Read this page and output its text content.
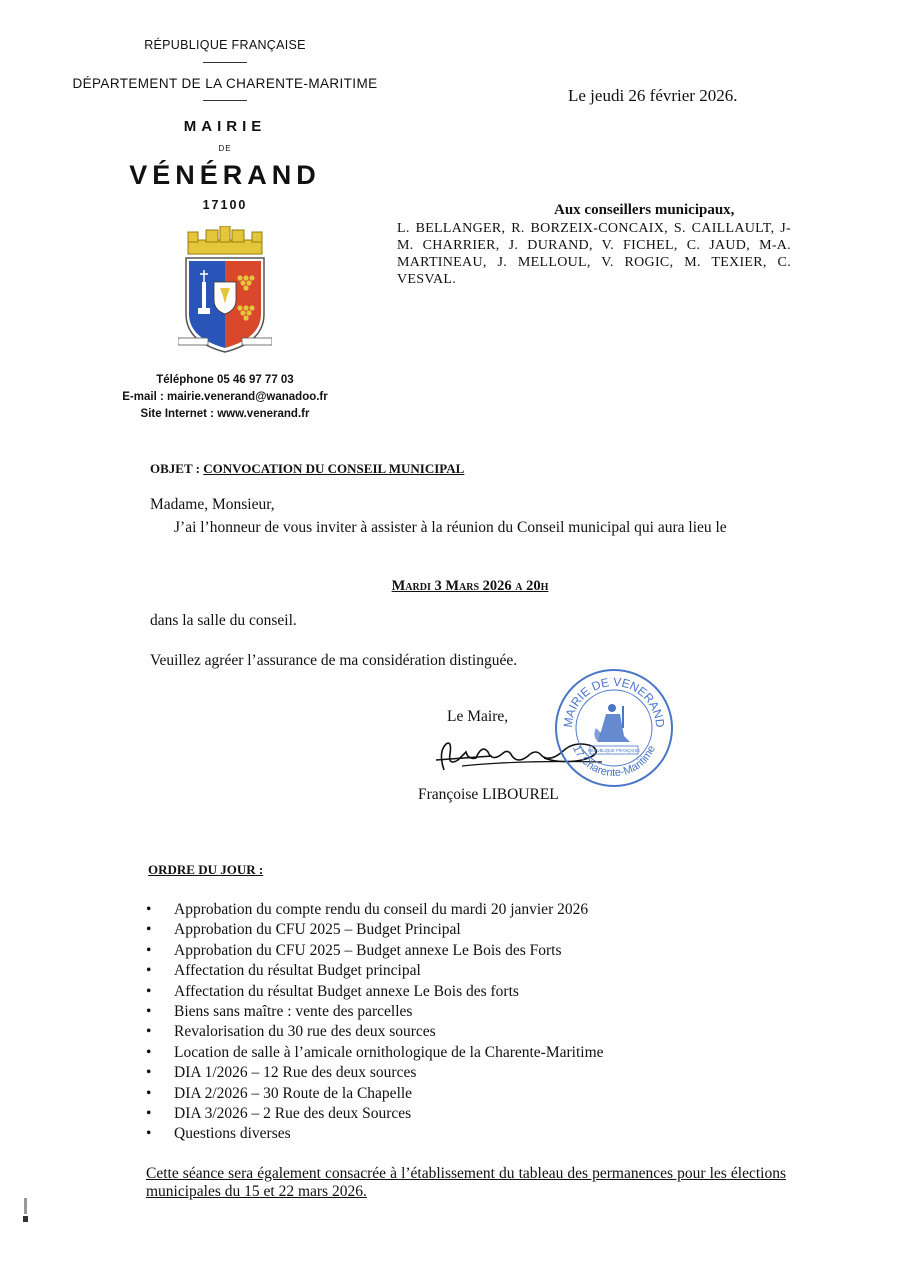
RÉPUBLIQUE FRANÇAISE
DÉPARTEMENT DE LA CHARENTE-MARITIME
MAIRIE
DE
VÉNÉRAND
17100
Téléphone 05 46 97 77 03
E-mail : mairie.venerand@wanadoo.fr
Site Internet : www.venerand.fr
Le jeudi 26 février 2026.
Aux conseillers municipaux,
L. BELLANGER, R. BORZEIX-CONCAIX, S. CAILLAULT, J-M. CHARRIER, J. DURAND, V. FICHEL, C. JAUD, M-A. MARTINEAU, J. MELLOUL, V. ROGIC, M. TEXIER, C. VESVAL.
OBJET : CONVOCATION DU CONSEIL MUNICIPAL
Madame, Monsieur,
J’ai l’honneur de vous inviter à assister à la réunion du Conseil municipal qui aura lieu le
Mardi 3 Mars 2026 a 20h
dans la salle du conseil.
Veuillez agréer l’assurance de ma considération distinguée.
Le Maire,
Françoise LIBOUREL
MAIRIE DE VENERAND
17 Charente-Maritime
RÉPUBLIQUE FRANÇAISE
ORDRE DU JOUR :
• Approbation du compte rendu du conseil du mardi 20 janvier 2026
• Approbation du CFU 2025 – Budget Principal
• Approbation du CFU 2025 – Budget annexe Le Bois des Forts
• Affectation du résultat Budget principal
• Affectation du résultat Budget annexe Le Bois des forts
• Biens sans maître : vente des parcelles
• Revalorisation du 30 rue des deux sources
• Location de salle à l’amicale ornithologique de la Charente-Maritime
• DIA 1/2026 – 12 Rue des deux sources
• DIA 2/2026 – 30 Route de la Chapelle
• DIA 3/2026 – 2 Rue des deux Sources
• Questions diverses
Cette séance sera également consacrée à l’établissement du tableau des permanences pour les élections municipales du 15 et 22 mars 2026.
